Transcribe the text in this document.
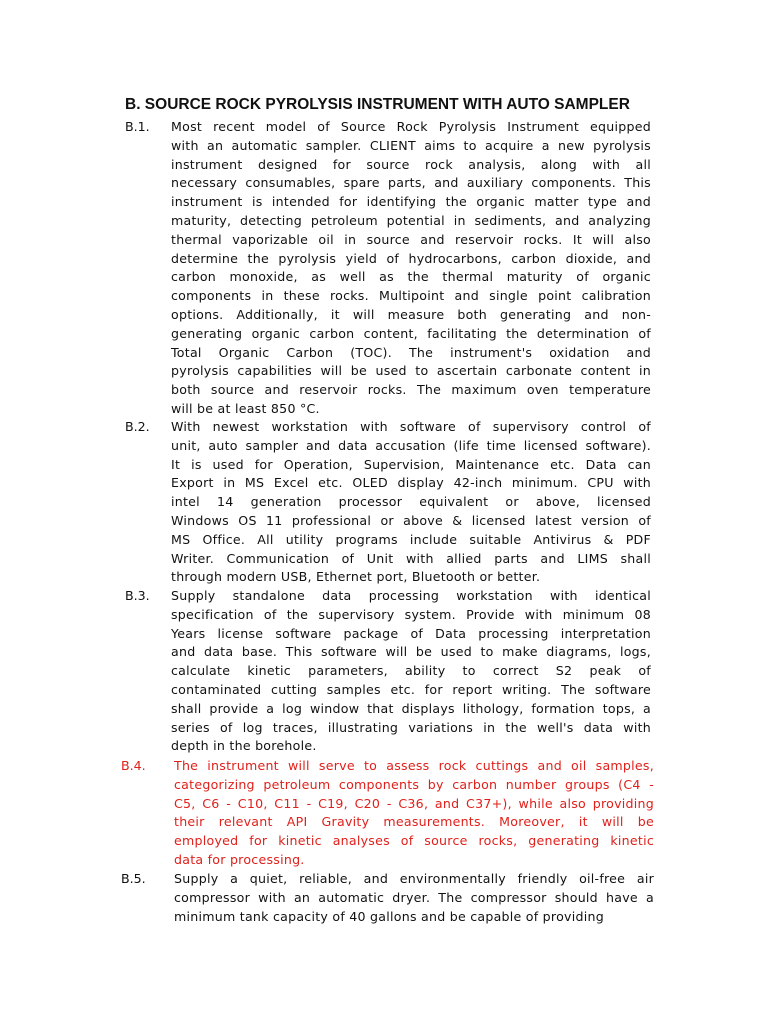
B. SOURCE ROCK PYROLYSIS INSTRUMENT WITH AUTO SAMPLER
B.1. Most recent model of Source Rock Pyrolysis Instrument equipped
with an automatic sampler. CLIENT aims to acquire a new pyrolysis
instrument designed for source rock analysis, along with all
necessary consumables, spare parts, and auxiliary components. This
instrument is intended for identifying the organic matter type and
maturity, detecting petroleum potential in sediments, and analyzing
thermal vaporizable oil in source and reservoir rocks. It will also
determine the pyrolysis yield of hydrocarbons, carbon dioxide, and
carbon monoxide, as well as the thermal maturity of organic
components in these rocks. Multipoint and single point calibration
options. Additionally, it will measure both generating and non-
generating organic carbon content, facilitating the determination of
Total Organic Carbon (TOC). The instrument's oxidation and
pyrolysis capabilities will be used to ascertain carbonate content in
both source and reservoir rocks. The maximum oven temperature
will be at least 850 °C.
B.2. With newest workstation with software of supervisory control of
unit, auto sampler and data accusation (life time licensed software).
It is used for Operation, Supervision, Maintenance etc. Data can
Export in MS Excel etc. OLED display 42-inch minimum. CPU with
intel 14 generation processor equivalent or above, licensed
Windows OS 11 professional or above & licensed latest version of
MS Office. All utility programs include suitable Antivirus & PDF
Writer. Communication of Unit with allied parts and LIMS shall
through modern USB, Ethernet port, Bluetooth or better.
B.3. Supply standalone data processing workstation with identical
specification of the supervisory system. Provide with minimum 08
Years license software package of Data processing interpretation
and data base. This software will be used to make diagrams, logs,
calculate kinetic parameters, ability to correct S2 peak of
contaminated cutting samples etc. for report writing. The software
shall provide a log window that displays lithology, formation tops, a
series of log traces, illustrating variations in the well's data with
depth in the borehole.
B.4. The instrument will serve to assess rock cuttings and oil samples,
categorizing petroleum components by carbon number groups (C4 -
C5, C6 - C10, C11 - C19, C20 - C36, and C37+), while also providing
their relevant API Gravity measurements. Moreover, it will be
employed for kinetic analyses of source rocks, generating kinetic
data for processing.
B.5. Supply a quiet, reliable, and environmentally friendly oil-free air
compressor with an automatic dryer. The compressor should have a
minimum tank capacity of 40 gallons and be capable of providing
